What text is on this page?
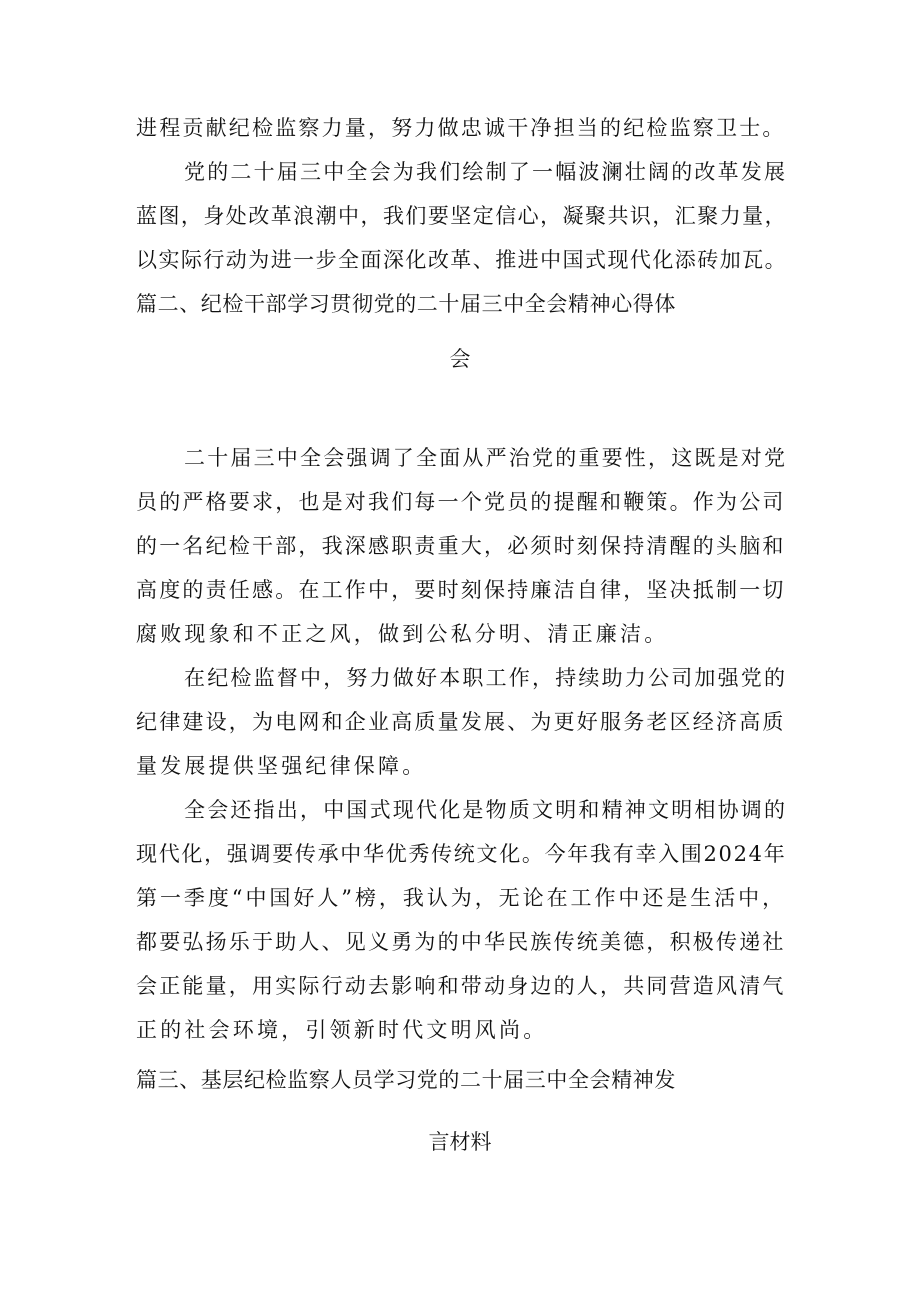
进程贡献纪检监察力量，努力做忠诚干净担当的纪检监察卫士。

党的二十届三中全会为我们绘制了一幅波澜壮阔的改革发展

蓝图，身处改革浪潮中，我们要坚定信心，凝聚共识，汇聚力量，

以实际行动为进一步全面深化改革、推进中国式现代化添砖加瓦。

篇二、纪检干部学习贯彻党的二十届三中全会精神心得体

会

二十届三中全会强调了全面从严治党的重要性，这既是对党

员的严格要求，也是对我们每一个党员的提醒和鞭策。作为公司

的一名纪检干部，我深感职责重大，必须时刻保持清醒的头脑和

高度的责任感。在工作中，要时刻保持廉洁自律，坚决抵制一切

腐败现象和不正之风，做到公私分明、清正廉洁。

在纪检监督中，努力做好本职工作，持续助力公司加强党的

纪律建设，为电网和企业高质量发展、为更好服务老区经济高质

量发展提供坚强纪律保障。

全会还指出，中国式现代化是物质文明和精神文明相协调的

现代化，强调要传承中华优秀传统文化。今年我有幸入围2024年

第一季度“中国好人”榜，我认为，无论在工作中还是生活中，

都要弘扬乐于助人、见义勇为的中华民族传统美德，积极传递社

会正能量，用实际行动去影响和带动身边的人，共同营造风清气

正的社会环境，引领新时代文明风尚。

篇三、基层纪检监察人员学习党的二十届三中全会精神发

言材料
